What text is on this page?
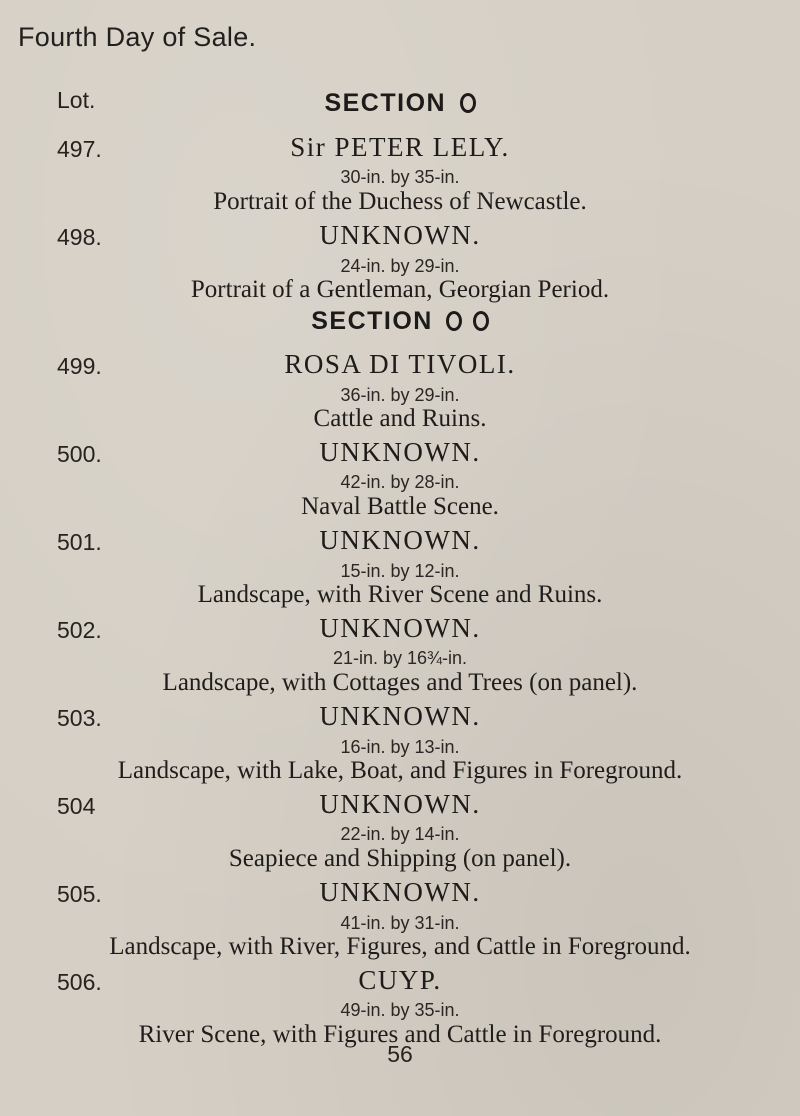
Fourth Day of Sale.
Lot.	SECTION
497.	Sir PETER LELY.
30-in. by 35-in.
Portrait of the Duchess of Newcastle.
498.	UNKNOWN.
24-in. by 29-in.
Portrait of a Gentleman, Georgian Period.
SECTION
499.	ROSA DI TIVOLI.
36-in. by 29-in.
Cattle and Ruins.
500.	UNKNOWN.
42-in. by 28-in.
Naval Battle Scene.
501.	UNKNOWN.
15-in. by 12-in.
Landscape, with River Scene and Ruins.
502.	UNKNOWN.
21-in. by 16¾-in.
Landscape, with Cottages and Trees (on panel).
503.	UNKNOWN.
16-in. by 13-in.
Landscape, with Lake, Boat, and Figures in Foreground.
504	UNKNOWN.
22-in. by 14-in.
Seapiece and Shipping (on panel).
505.	UNKNOWN.
41-in. by 31-in.
Landscape, with River, Figures, and Cattle in Foreground.
506.	CUYP.
49-in. by 35-in.
River Scene, with Figures and Cattle in Foreground.
56
